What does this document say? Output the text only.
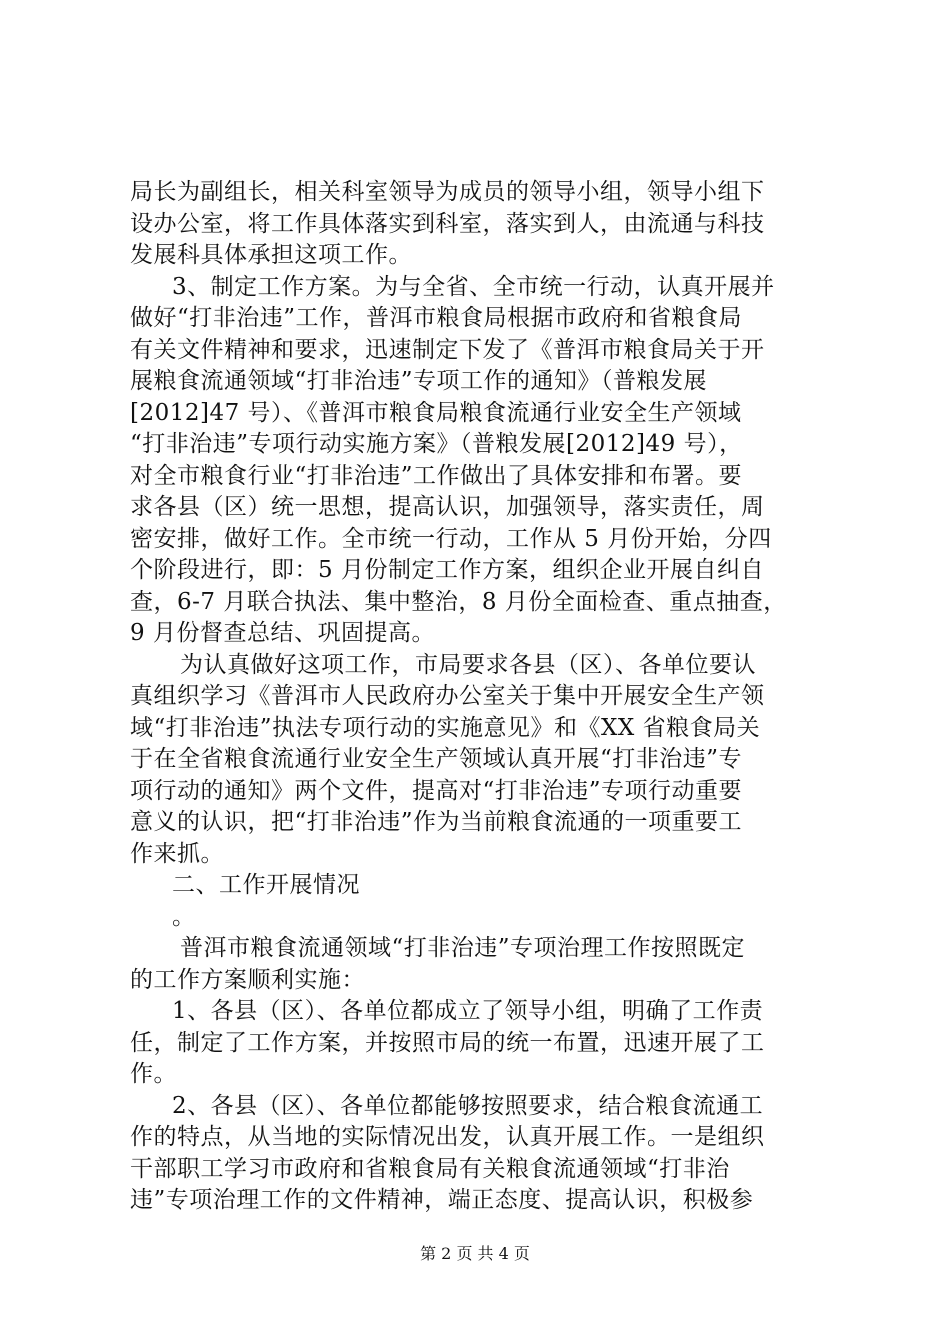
局长为副组长，相关科室领导为成员的领导小组，领导小组下
设办公室，将工作具体落实到科室，落实到人，由流通与科技
发展科具体承担这项工作。
3、制定工作方案。为与全省、全市统一行动，认真开展并
做好“打非治违”工作，普洱市粮食局根据市政府和省粮食局
有关文件精神和要求，迅速制定下发了《普洱市粮食局关于开
展粮食流通领域“打非治违”专项工作的通知》（普粮发展
[2012]47 号）、《普洱市粮食局粮食流通行业安全生产领域
“打非治违”专项行动实施方案》（普粮发展[2012]49 号），
对全市粮食行业“打非治违”工作做出了具体安排和布署。要
求各县（区）统一思想，提高认识，加强领导，落实责任，周
密安排，做好工作。全市统一行动，工作从 5 月份开始，分四
个阶段进行，即：5 月份制定工作方案，组织企业开展自纠自
查，6-7 月联合执法、集中整治，8 月份全面检查、重点抽查，
9 月份督查总结、巩固提高。
为认真做好这项工作，市局要求各县（区）、各单位要认
真组织学习《普洱市人民政府办公室关于集中开展安全生产领
域“打非治违”执法专项行动的实施意见》和《XX 省粮食局关
于在全省粮食流通行业安全生产领域认真开展“打非治违”专
项行动的通知》两个文件，提高对“打非治违”专项行动重要
意义的认识，把“打非治违”作为当前粮食流通的一项重要工
作来抓。
二、工作开展情况
。
普洱市粮食流通领域“打非治违”专项治理工作按照既定
的工作方案顺利实施：
1、各县（区）、各单位都成立了领导小组，明确了工作责
任，制定了工作方案，并按照市局的统一布置，迅速开展了工
作。
2、各县（区）、各单位都能够按照要求，结合粮食流通工
作的特点，从当地的实际情况出发，认真开展工作。一是组织
干部职工学习市政府和省粮食局有关粮食流通领域“打非治
违”专项治理工作的文件精神，端正态度、提高认识，积极参
第 2 页 共 4 页
